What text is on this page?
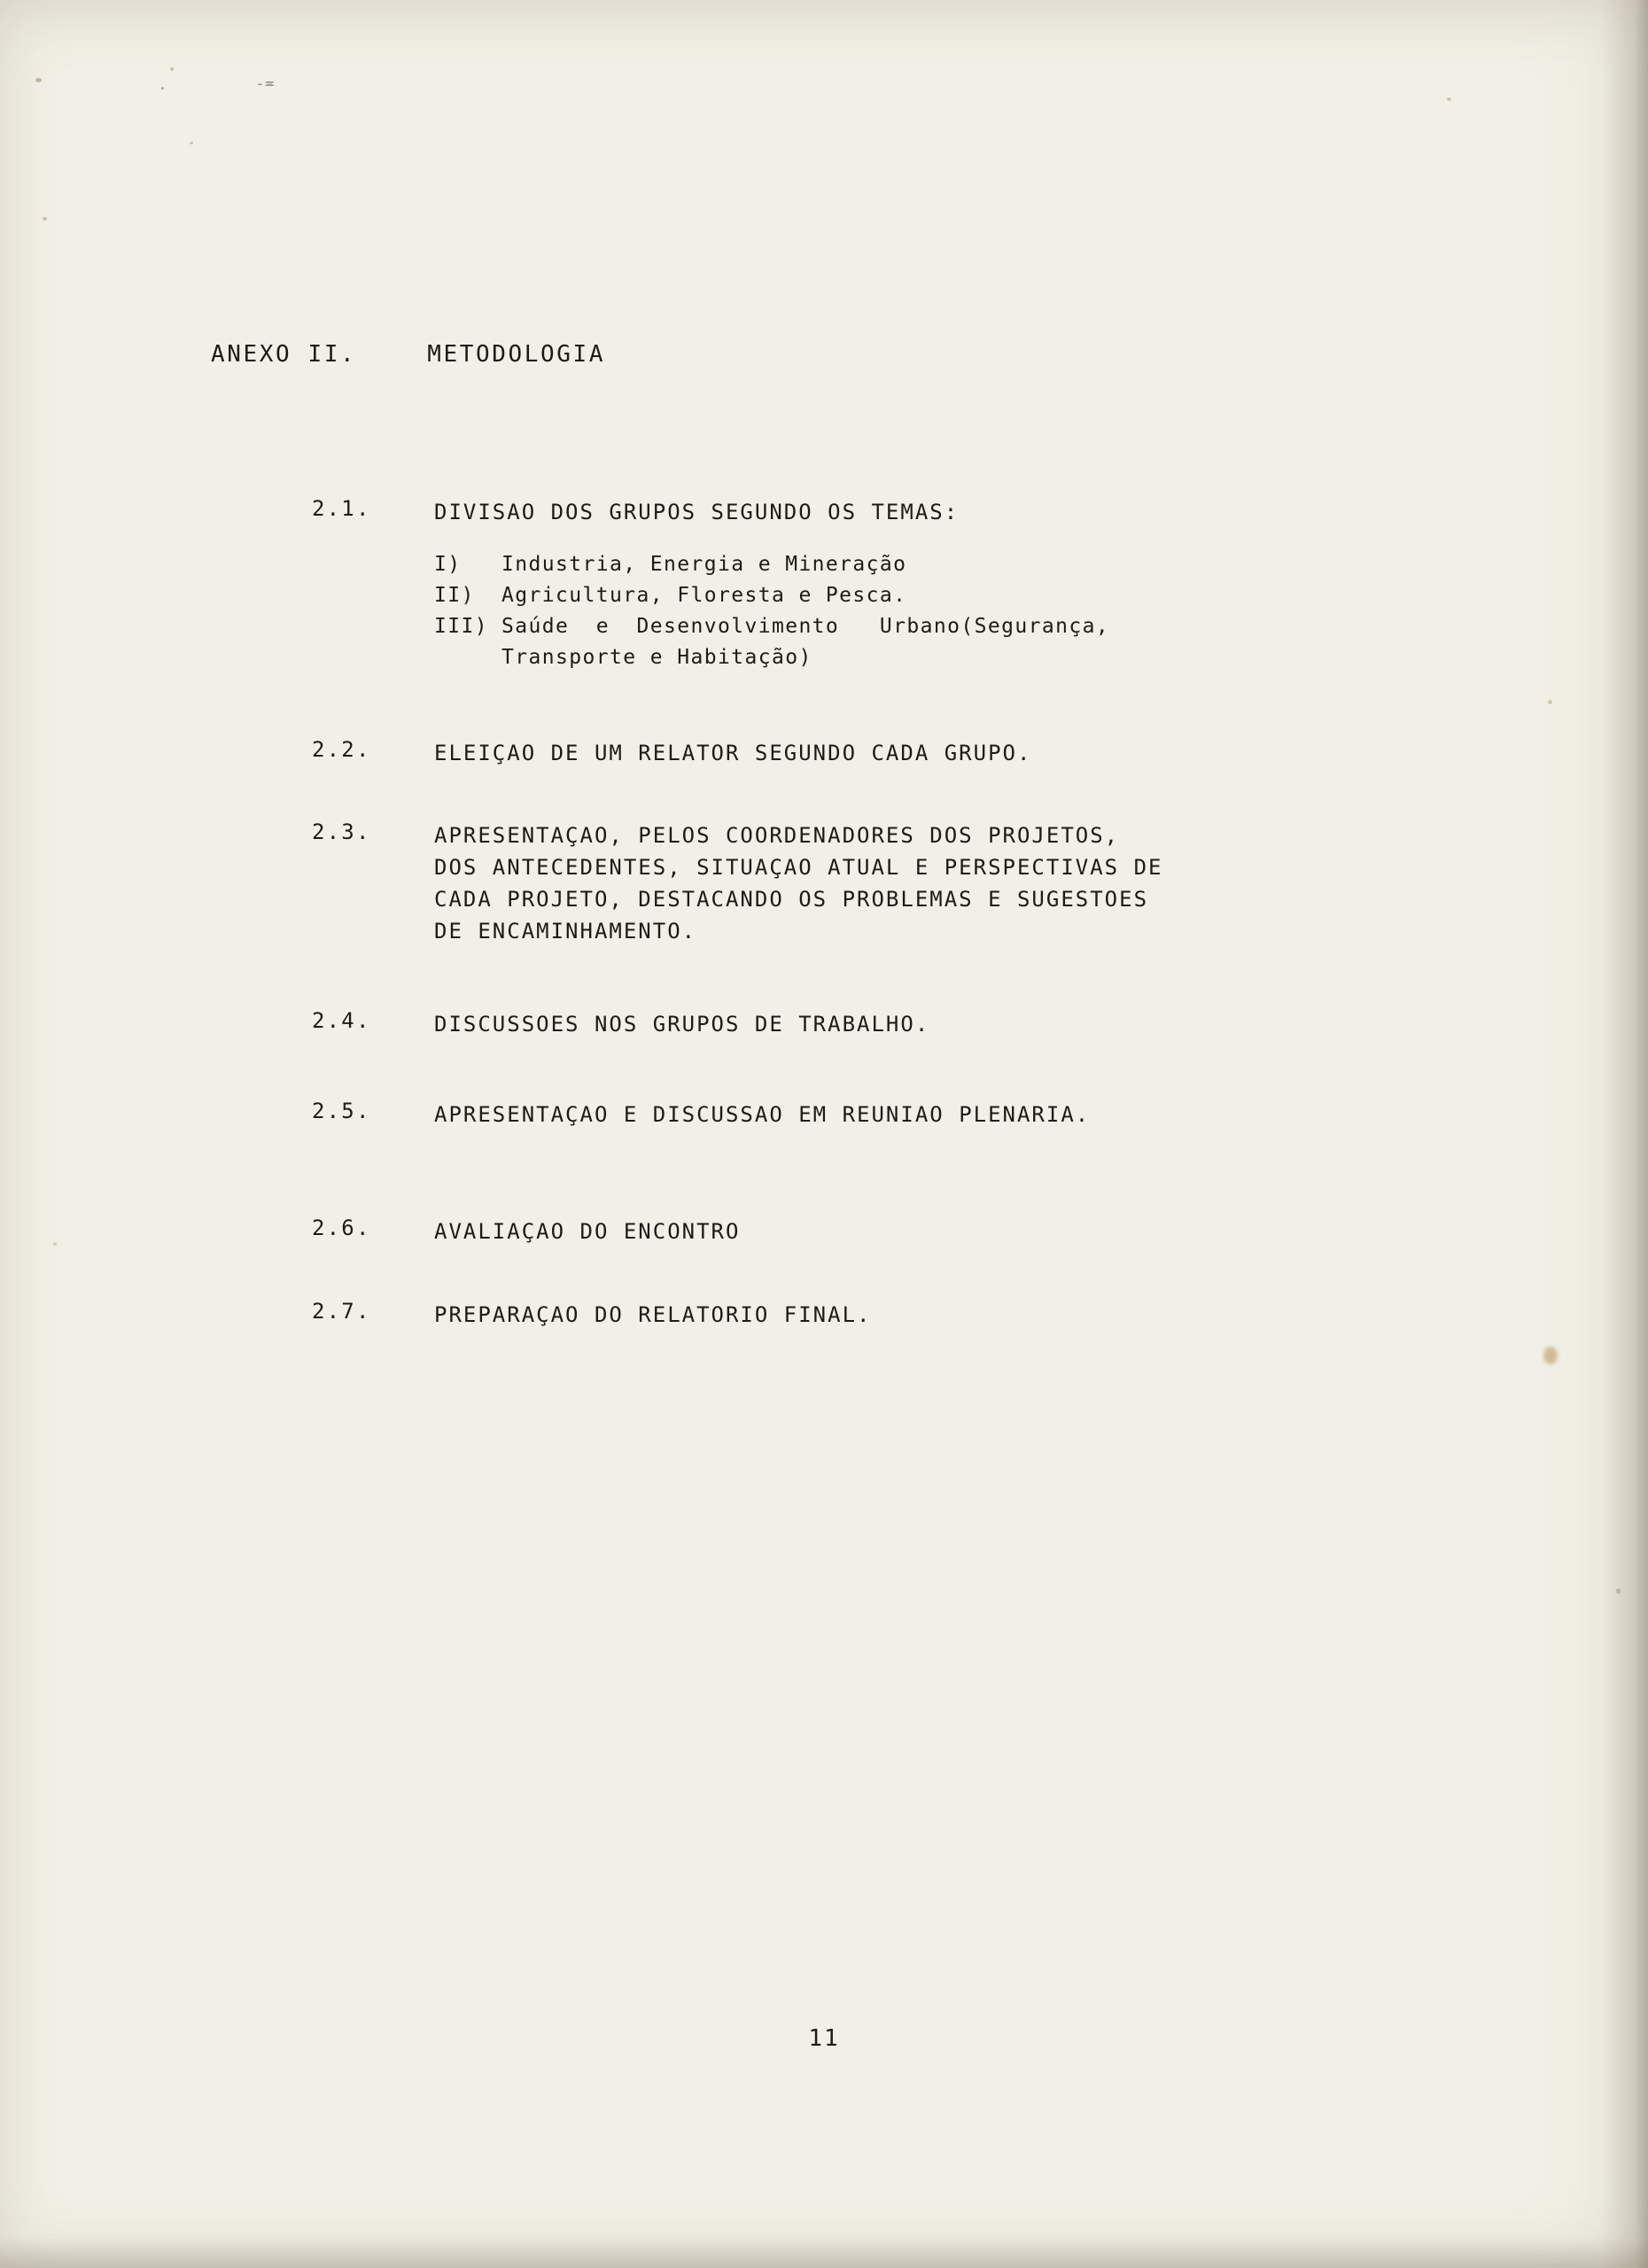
·	-≖
ANEXO II.	METODOLOGIA
2.1.	DIVISAO DOS GRUPOS SEGUNDO OS TEMAS:
I) Industria, Energia e Mineração
II) Agricultura, Floresta e Pesca.
III) Saúde  e  Desenvolvimento   Urbano(Segurança,
Transporte e Habitação)
2.2.	ELEIÇAO DE UM RELATOR SEGUNDO CADA GRUPO.
2.3.	APRESENTAÇAO, PELOS COORDENADORES DOS PROJETOS,
DOS ANTECEDENTES, SITUAÇAO ATUAL E PERSPECTIVAS DE
CADA PROJETO, DESTACANDO OS PROBLEMAS E SUGESTOES
DE ENCAMINHAMENTO.
2.4.	DISCUSSOES NOS GRUPOS DE TRABALHO.
2.5.	APRESENTAÇAO E DISCUSSAO EM REUNIAO PLENARIA.
2.6.	AVALIAÇAO DO ENCONTRO
2.7.	PREPARAÇAO DO RELATORIO FINAL.
11
